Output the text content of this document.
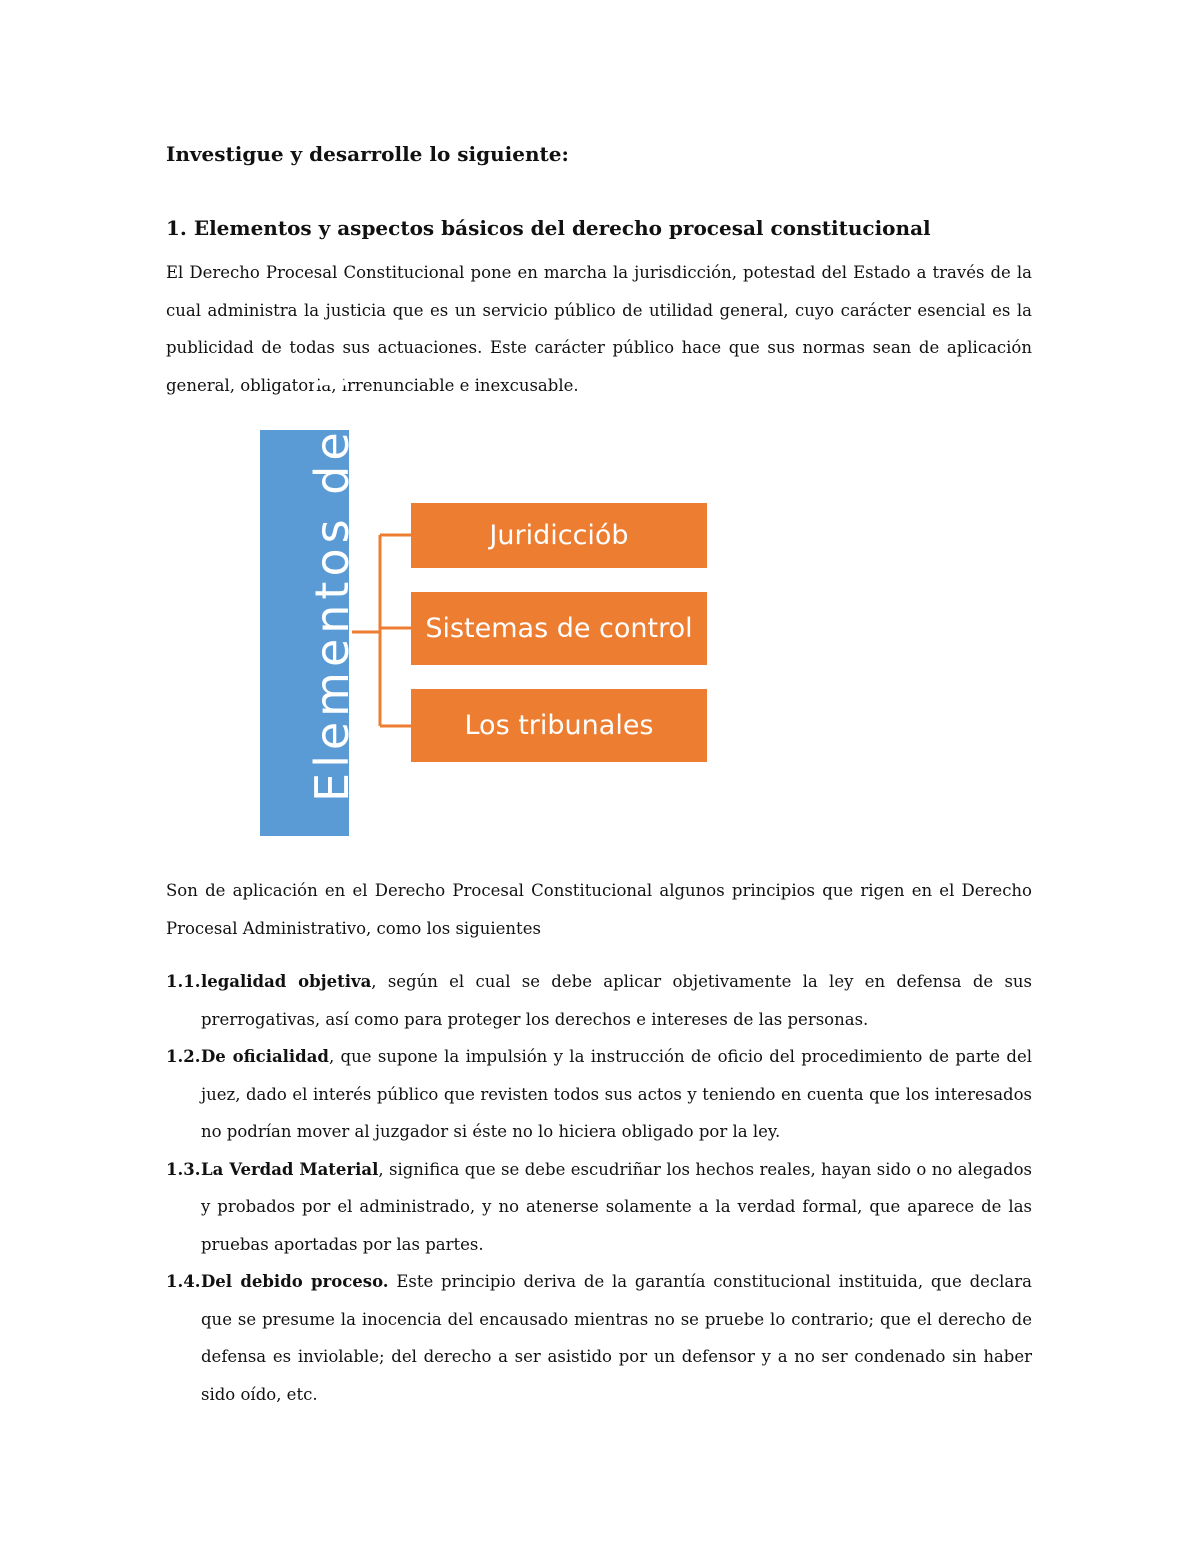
Investigue y desarrolle lo siguiente:

1. Elementos y aspectos básicos del derecho procesal constitucional

El Derecho Procesal Constitucional pone en marcha la jurisdicción, potestad del Estado a través de la cual administra la justicia que es un servicio público de utilidad general, cuyo carácter esencial es la publicidad de todas sus actuaciones. Este carácter público hace que sus normas sean de aplicación general, obligatoria, irrenunciable e inexcusable.

Elementos del D	Juridicciób
Sistemas de control
Los tribunales

Son de aplicación en el Derecho Procesal Constitucional algunos principios que rigen en el Derecho Procesal Administrativo, como los siguientes

1.1. legalidad objetiva, según el cual se debe aplicar objetivamente la ley en defensa de sus prerrogativas, así como para proteger los derechos e intereses de las personas.
1.2. De oficialidad, que supone la impulsión y la instrucción de oficio del procedimiento de parte del juez, dado el interés público que revisten todos sus actos y teniendo en cuenta que los interesados no podrían mover al juzgador si éste no lo hiciera obligado por la ley.
1.3. La Verdad Material, significa que se debe escudriñar los hechos reales, hayan sido o no alegados y probados por el administrado, y no atenerse solamente a la verdad formal, que aparece de las pruebas aportadas por las partes.
1.4. Del debido proceso. Este principio deriva de la garantía constitucional instituida, que declara que se presume la inocencia del encausado mientras no se pruebe lo contrario; que el derecho de defensa es inviolable; del derecho a ser asistido por un defensor y a no ser condenado sin haber sido oído, etc.
